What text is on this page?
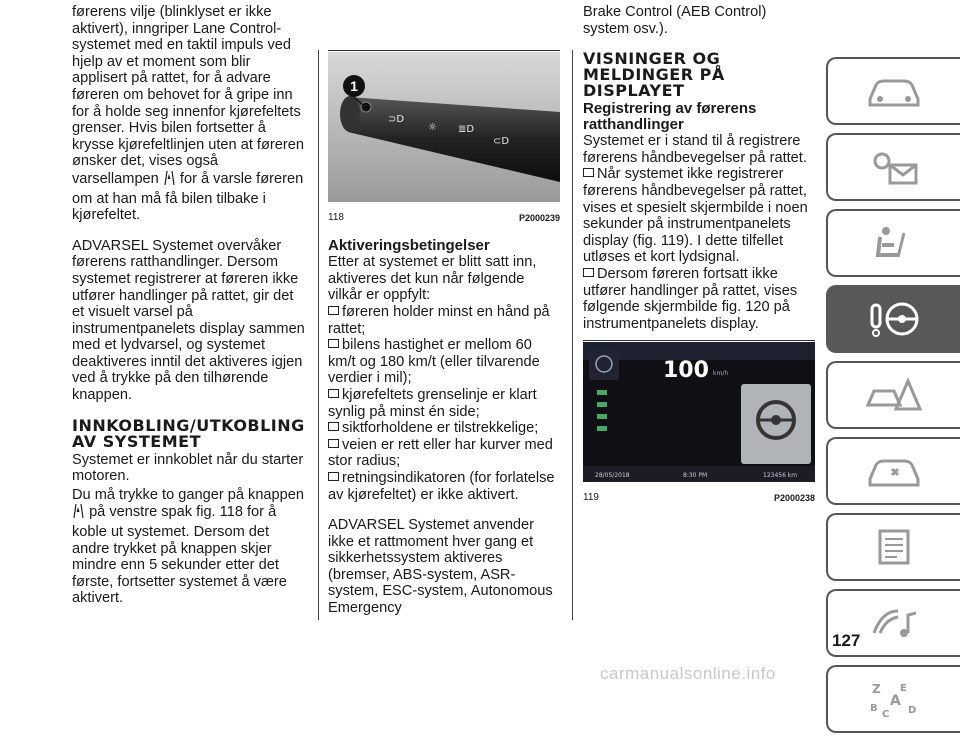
førerens vilje (blinklyset er ikke aktivert), inngriper Lane Control-systemet med en taktil impuls ved hjelp av et moment som blir applisert på rattet, for å advare føreren om behovet for å gripe inn for å holde seg innenfor kjørefeltets grenser. Hvis bilen fortsetter å krysse kjørefeltlinjen uten at føreren ønsker det, vises også varsellampen for å varsle føreren om at han må få bilen tilbake i kjørefeltet.

ADVARSEL Systemet overvåker førerens ratthandlinger. Dersom systemet registrerer at føreren ikke utfører handlinger på rattet, gir det et visuelt varsel på instrumentpanelets display sammen med et lydvarsel, og systemet deaktiveres inntil det aktiveres igjen ved å trykke på den tilhørende knappen.

INNKOBLING/UTKOBLING AV SYSTEMET

Systemet er innkoblet når du starter motoren.

Du må trykke to ganger på knappen  på venstre spak fig. 118 for å koble ut systemet. Dersom det andre trykket på knappen skjer mindre enn 5 sekunder etter det første, fortsetter systemet å være aktivert.

⊃D
☼ ≣D
⊂D
1
118	P2000239
Aktiveringsbetingelser

Etter at systemet er blitt satt inn, aktiveres det kun når følgende vilkår er oppfylt:

føreren holder minst en hånd på rattet;
bilens hastighet er mellom 60 km/t og 180 km/t (eller tilvarende verdier i mil);
kjørefeltets grenselinje er klart synlig på minst én side;
siktforholdene er tilstrekkelige;
veien er rett eller har kurver med stor radius;
retningsindikatoren (for forlatelse av kjørefeltet) er ikke aktivert.

ADVARSEL Systemet anvender ikke et rattmoment hver gang et sikkerhetssystem aktiveres (bremser, ABS-system, ASR-system, ESC-system, Autonomous Emergency

Brake Control (AEB Control) system osv.).

VISNINGER OG MELDINGER PÅ DISPLAYET
Registrering av førerens ratthandlinger

Systemet er i stand til å registrere førerens håndbevegelser på rattet.

Når systemet ikke registrerer førerens håndbevegelser på rattet, vises et spesielt skjermbilde i noen sekunder på instrumentpanelets display (fig. 119). I dette tilfellet utløses et kort lydsignal.
Dersom føreren fortsatt ikke utfører handlinger på rattet, vises følgende skjermbilde fig. 120 på instrumentpanelets display.
100 km/h
28/05/2018	8:30 PM	123456 km
119	P2000238
Z E
B A
C D
127
carmanualsonline.info
